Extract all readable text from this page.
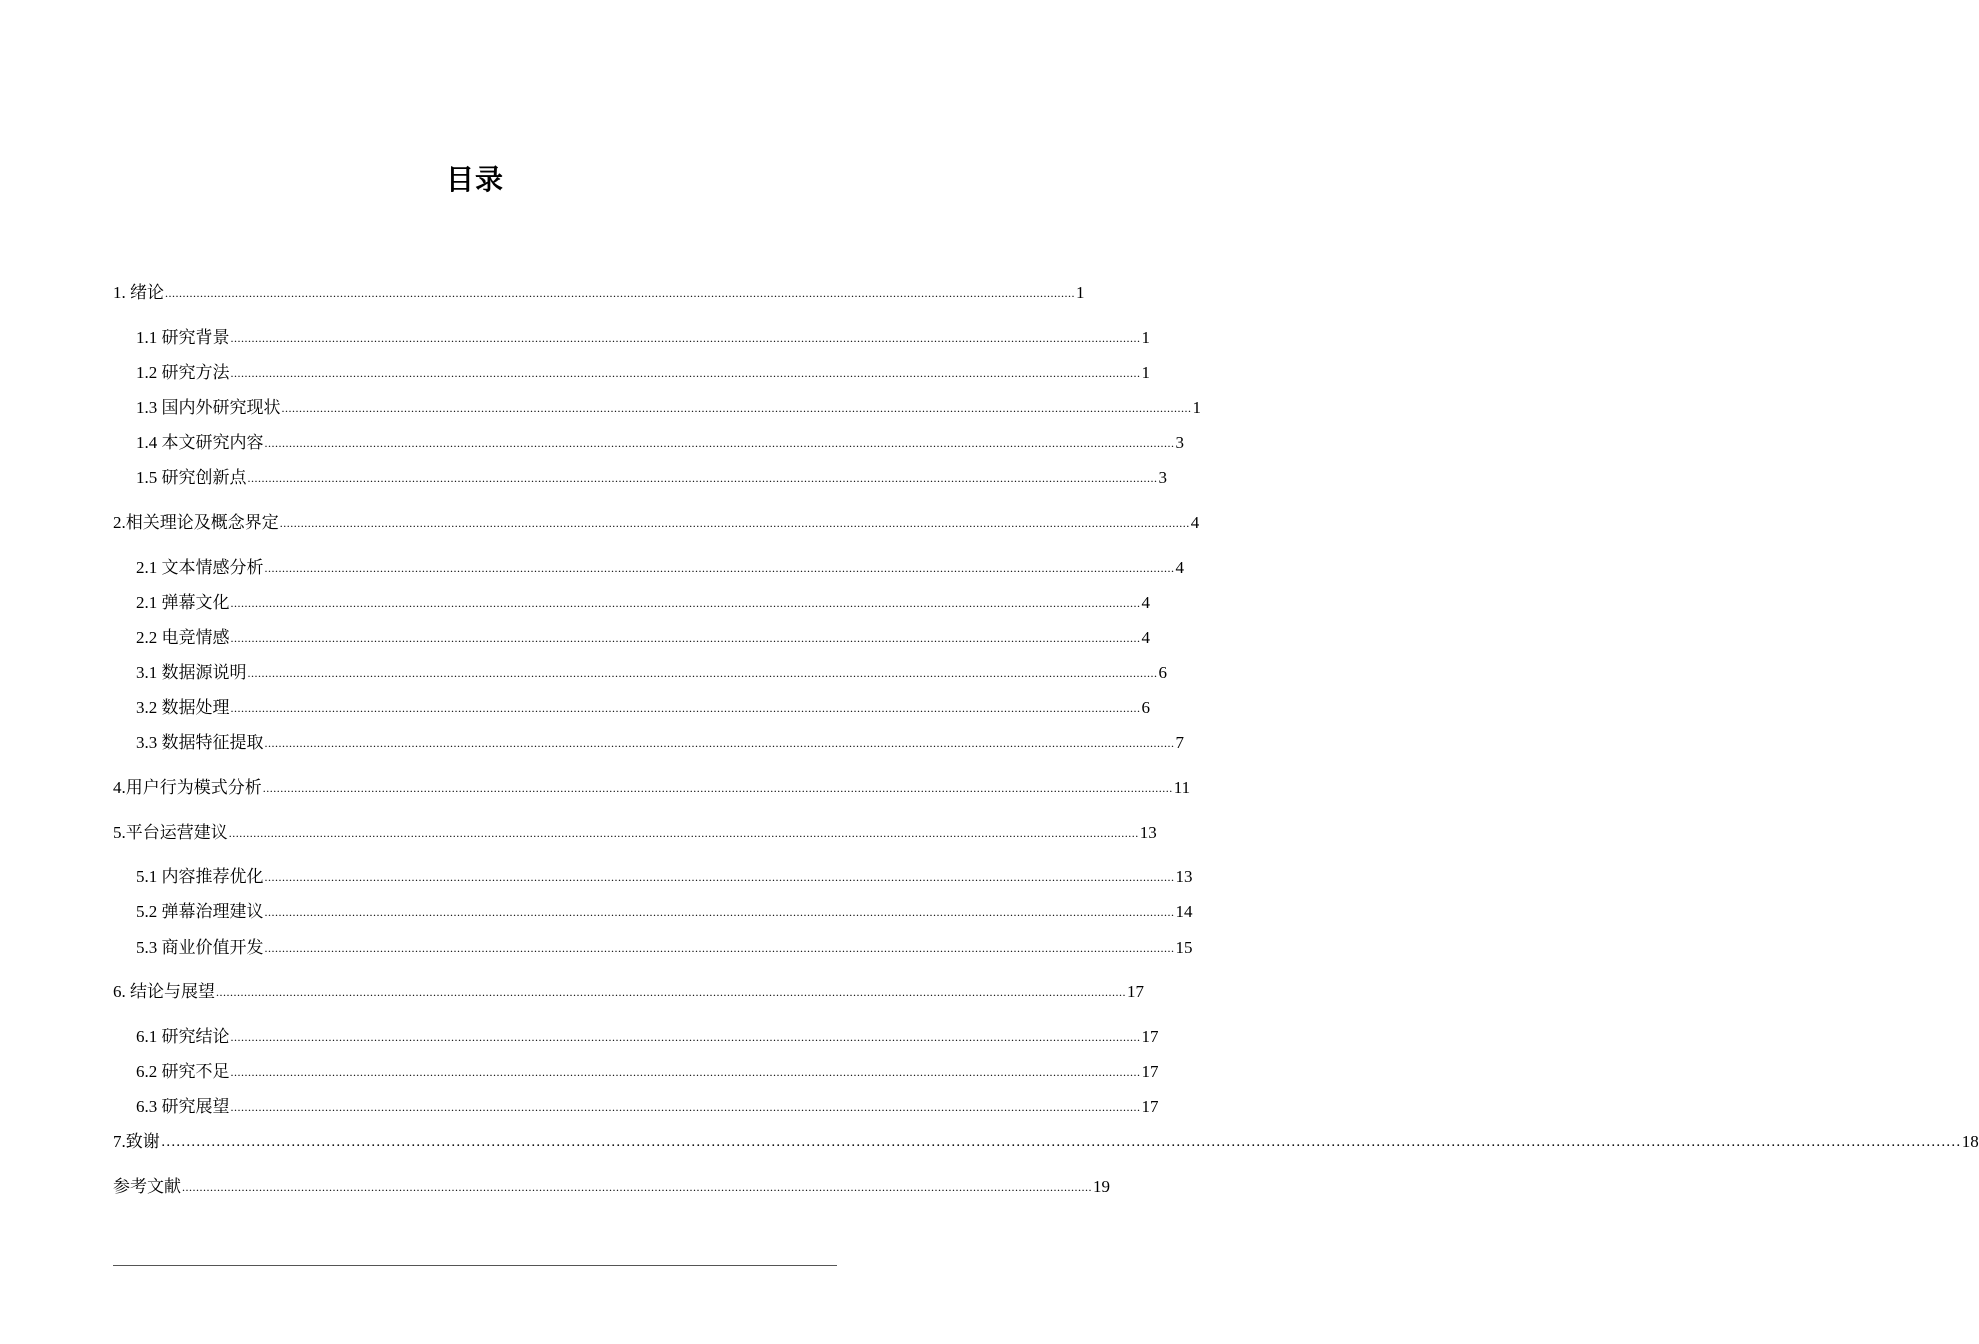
目录
1. 绪论 .................................................................................................................................................................................................................................................................... 1
1.1 研究背景 .................................................................................................................................................................................................................................................................... 1
1.2 研究方法 .................................................................................................................................................................................................................................................................... 1
1.3 国内外研究现状 .................................................................................................................................................................................................................................................................... 1
1.4 本文研究内容 .................................................................................................................................................................................................................................................................... 3
1.5 研究创新点 .................................................................................................................................................................................................................................................................... 3
2.相关理论及概念界定 .................................................................................................................................................................................................................................................................... 4
2.1 文本情感分析 .................................................................................................................................................................................................................................................................... 4
2.1 弹幕文化 .................................................................................................................................................................................................................................................................... 4
2.2 电竞情感 .................................................................................................................................................................................................................................................................... 4
3.1 数据源说明 .................................................................................................................................................................................................................................................................... 6
3.2 数据处理 .................................................................................................................................................................................................................................................................... 6
3.3 数据特征提取 .................................................................................................................................................................................................................................................................... 7
4.用户行为模式分析 .................................................................................................................................................................................................................................................................... 11
5.平台运营建议 .................................................................................................................................................................................................................................................................... 13
5.1 内容推荐优化 .................................................................................................................................................................................................................................................................... 13
5.2 弹幕治理建议 .................................................................................................................................................................................................................................................................... 14
5.3 商业价值开发 .................................................................................................................................................................................................................................................................... 15
6. 结论与展望 .................................................................................................................................................................................................................................................................... 17
6.1 研究结论 .................................................................................................................................................................................................................................................................... 17
6.2 研究不足 .................................................................................................................................................................................................................................................................... 17
6.3 研究展望 .................................................................................................................................................................................................................................................................... 17
7.致谢 ……………………………………………………………………………………………………………………………………………………………………………………………………………………………………………………………………………………………………………………………… 18
参考文献 .................................................................................................................................................................................................................................................................... 19
